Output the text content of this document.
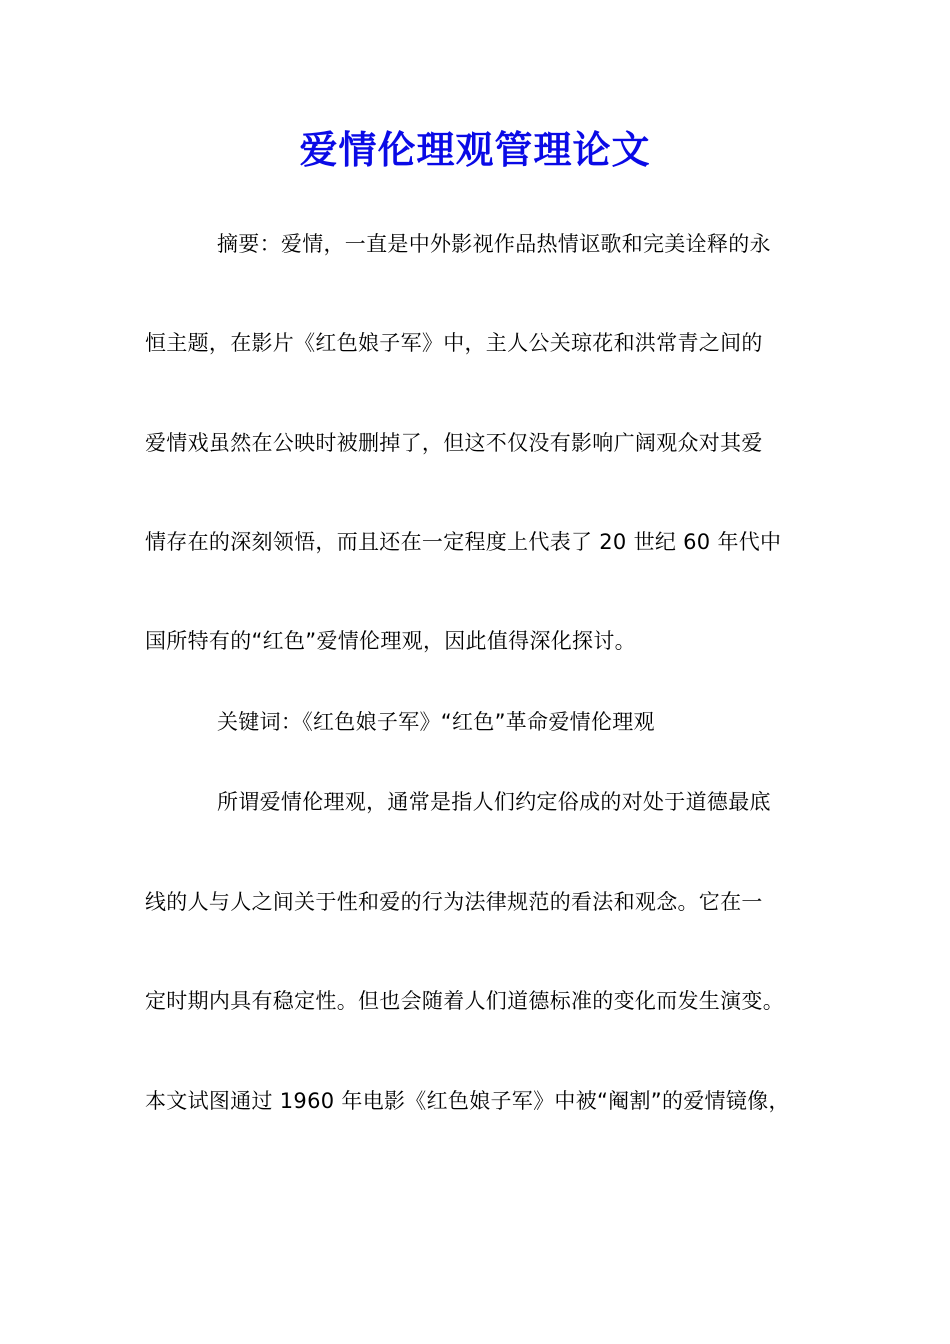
爱情伦理观管理论文
摘要：爱情，一直是中外影视作品热情讴歌和完美诠释的永
恒主题，在影片《红色娘子军》中，主人公关琼花和洪常青之间的
爱情戏虽然在公映时被删掉了，但这不仅没有影响广阔观众对其爱
情存在的深刻领悟，而且还在一定程度上代表了 20 世纪 60 年代中
国所特有的“红色”爱情伦理观，因此值得深化探讨。
关键词：《红色娘子军》“红色”革命爱情伦理观
所谓爱情伦理观，通常是指人们约定俗成的对处于道德最底
线的人与人之间关于性和爱的行为法律规范的看法和观念。它在一
定时期内具有稳定性。但也会随着人们道德标准的变化而发生演变。
本文试图通过 1960 年电影《红色娘子军》中被“阉割”的爱情镜像，
